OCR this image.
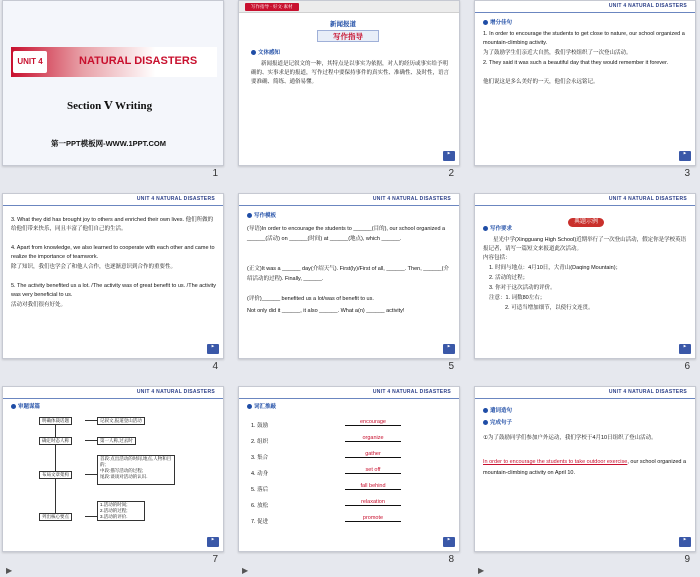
UNIT 4	NATURAL DISASTERS
Section Ⅴ Writing
第一PPT模板网-WWW.1PPT.COM
1
写作指导 · 好文·素材
新闻报道
写作指导
文体感知
新闻报道是记叙文的一种，其特点是以事实为依据，对人的经历或事实给予明确的、实事求是的报道，写作过程中要保持事件的真实性、准确性、及时性，语言要准确、简练、通俗易懂。
▶
2
UNIT 4 NATURAL DISASTERS
增分佳句
1. In order to encourage the students to get close to nature, our school organized a mountain-climbing activity.
为了鼓励学生们亲近大自然，我们学校组织了一次登山活动。
2. They said it was such a beautiful day that they would remember it forever.
他们说这是多么美好的一天，他们会永远铭记。
▶
3
UNIT 4 NATURAL DISASTERS
3. What they did has brought joy to others and enriched their own lives. 他们所做的给他们带来快乐，同且丰富了他们自己的生活。
4. Apart from knowledge, we also learned to cooperate with each other and came to realize the importance of teamwork.
除了知识，我们也学会了和他人合作，也逐渐意识到合作的重要性。
5. The activity benefited us a lot. /The activity was of great benefit to us. /The activity was very beneficial to us.
活动对我们很有好处。
▶
4
UNIT 4 NATURAL DISASTERS
写作模板
(导语)In order to encourage the students to ______(目的), our school organized a ______(活动) on ______(时间) at ______(地点), which ______.
(正文)It was a ______ day(介绍天气). First(ly)/First of all, ______. Then, ______(介绍活动的过程). Finally, ______.
(评价)______ benefited us a lot/was of benefit to us.
Not only did it ______, it also ______. What a(n) ______ activity!
▶
5
UNIT 4 NATURAL DISASTERS
典题示例
写作要求
星光中学(Xingguang High School)近期举行了一次登山活动，假定你是学校英语报记者，请写一篇短文来报道此次活动。
内容包括：
1. 时间与地点：4月10日，大青山(Daqing Mountain)；
2. 活动的过程；
3. 你对于这次活动的评价。
注意：1. 词数80左右；
2. 可适当增加细节，以使行文连贯。
▶
6
UNIT 4 NATURAL DISASTERS
审题谋篇
明确体裁话题
确定时态人称
布局文章架构
列出核心要点
记叙文,报道登山活动
第一人称,过去时
首段:点出活动的时间,地点,人物和目的;
中段:描写活动的过程;
尾段:谈谈对活动的认识.
1.活动的时间;
2.活动的过程;
3.活动的评价.
▶
7
UNIT 4 NATURAL DISASTERS
词汇推敲
1. 鼓励
encourage
2. 组织
organize
3. 集合
gather
4. 动身
set off
5. 落后
fall behind
6. 放松
relaxation
7. 促进
promote
▶
8
UNIT 4 NATURAL DISASTERS
遣词造句
完成句子
①为了鼓励同学们参加户外运动，我们学校于4月10日组织了登山活动。
In order to encourage the students to take outdoor exercise, our school organized a mountain-climbing activity on April 10.
▶
9
▶	▶	▶
